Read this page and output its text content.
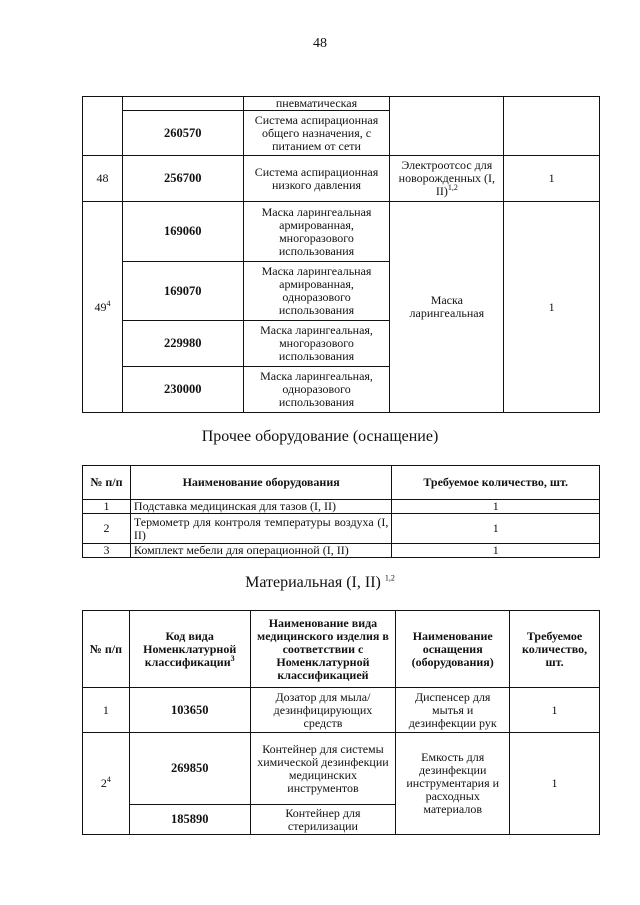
48
		пневматическая		
	260570	Система аспирационная общего назначения, с питанием от сети		
48	256700	Система аспирационная низкого давления	Электроотсос для новорожденных (I, II)$^{1,2}$	1
$49^4$	169060	Маска ларингеальная армированная, многоразового использования	Маска ларингеальная	1
	169070	Маска ларингеальная армированная, одноразового использования		
	229980	Маска ларингеальная, многоразового использования		
	230000	Маска ларингеальная, одноразового использования		
Прочее оборудование (оснащение)
№ п/п	Наименование оборудования	Требуемое количество, шт.
1	Подставка медицинская для тазов (I, II)	1
2	Термометр для контроля температуры воздуха (I, II)	1
3	Комплект мебели для операционной (I, II)	1
Материальная (I, II) $^{1,2}$
№ п/п	Код вида Номенклатурной классификации$^3$	Наименование вида медицинского изделия в соответствии с Номенклатурной классификацией	Наименование оснащения (оборудования)	Требуемое количество, шт.
1	103650	Дозатор для мыла/ дезинфицирующих средств	Диспенсер для мытья и дезинфекции рук	1
$2^4$	269850	Контейнер для системы химической дезинфекции медицинских инструментов	Емкость для дезинфекции инструментария и расходных материалов	1
	185890	Контейнер для стерилизации		
